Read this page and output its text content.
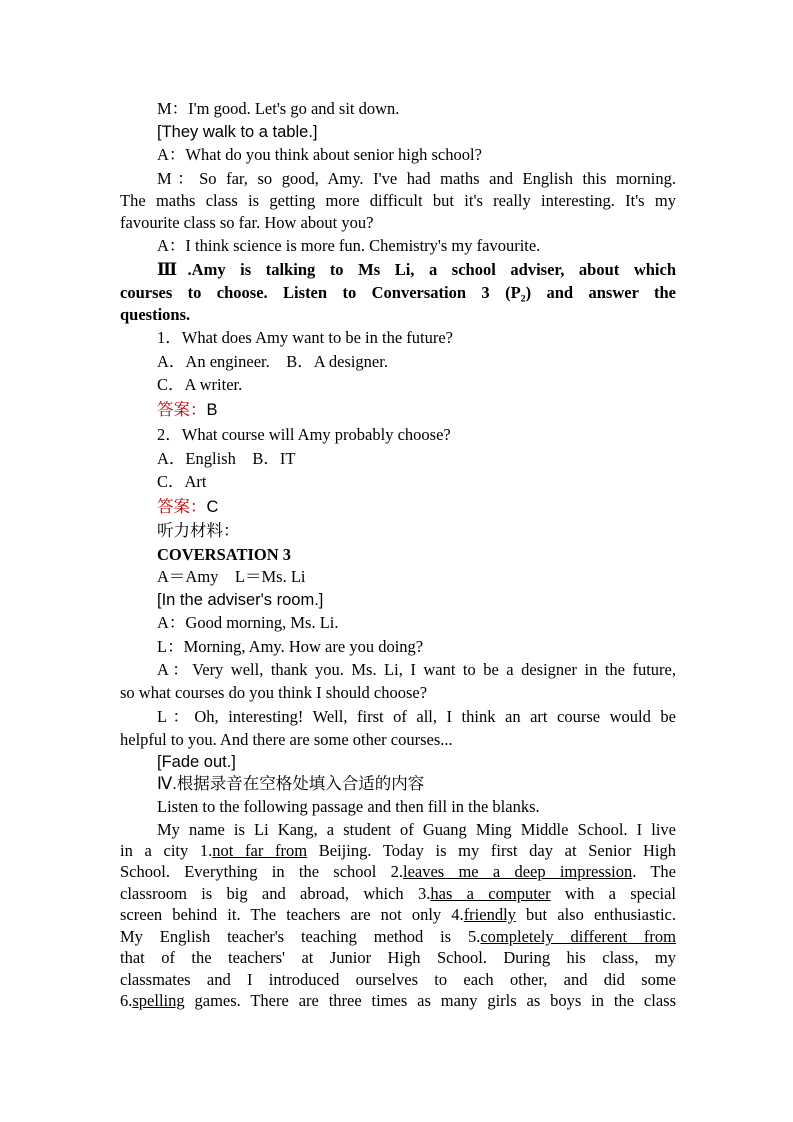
M：I'm good. Let's go and sit down.
[They walk to a table.]
A：What do you think about senior high school?
M：So far, so good, Amy. I've had maths and English this morning.
The maths class is getting more difficult but it's really interesting. It's my
favourite class so far. How about you?
A：I think science is more fun. Chemistry's my favourite.
Ⅲ.Amy is talking to Ms Li, a school adviser, about which
courses to choose. Listen to Conversation 3 (P₂) and answer the
questions.
1．What does Amy want to be in the future?
A．An engineer.　B．A designer.
C．A writer.
答案：B
2．What course will Amy probably choose?
A．English　B．IT
C．Art
答案：C
听力材料：
COVERSATION 3
A＝Amy　L＝Ms. Li
[In the adviser's room.]
A：Good morning, Ms. Li.
L：Morning, Amy. How are you doing?
A：Very well, thank you. Ms. Li, I want to be a designer in the future,
so what courses do you think I should choose?
L：Oh, interesting! Well, first of all, I think an art course would be
helpful to you. And there are some other courses...
[Fade out.]
Ⅳ.根据录音在空格处填入合适的内容
Listen to the following passage and then fill in the blanks.
My name is Li Kang, a student of Guang Ming Middle School. I live
in a city 1.not far from Beijing. Today is my first day at Senior High
School. Everything in the school 2.leaves me a deep impression. The
classroom is big and abroad, which 3.has a computer with a special
screen behind it. The teachers are not only 4.friendly but also enthusiastic.
My English teacher's teaching method is 5.completely different from
that of the teachers' at Junior High School. During his class, my
classmates and I introduced ourselves to each other, and did some
6.spelling games. There are three times as many girls as boys in the class
